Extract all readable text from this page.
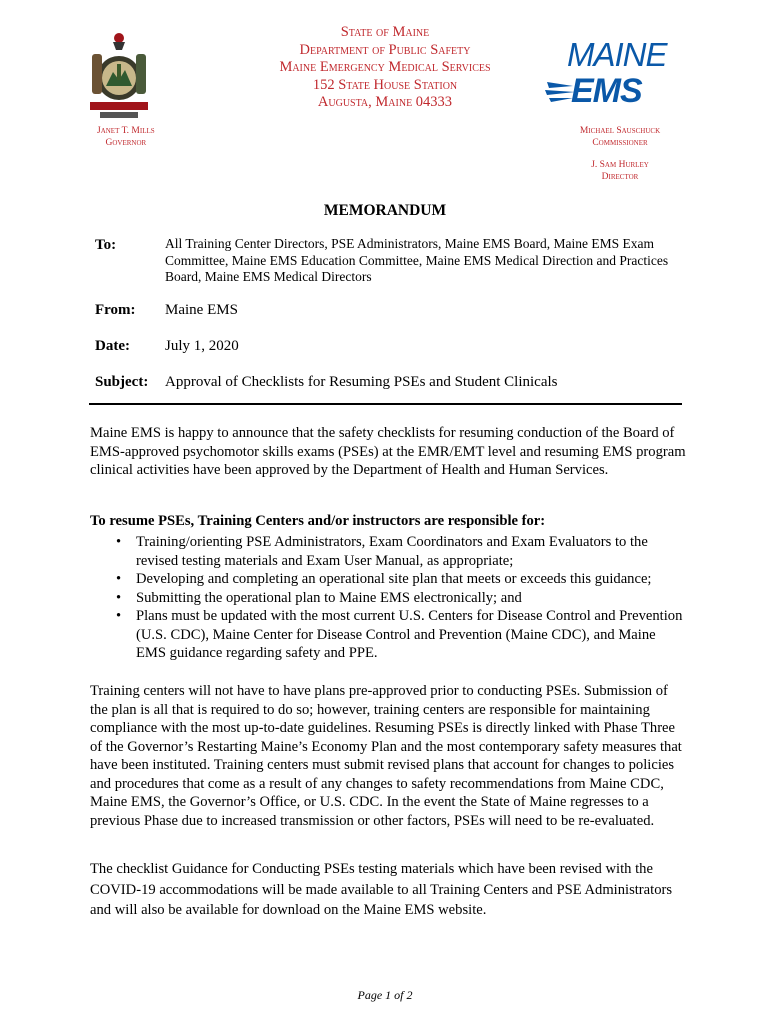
State of Maine
Department of Public Safety
Maine Emergency Medical Services
152 State House Station
Augusta, Maine 04333
MAINE
EMS
Janet T. Mills
Governor
Michael Sauschuck
Commissioner
J. Sam Hurley
Director
MEMORANDUM
To:	All Training Center Directors, PSE Administrators, Maine EMS Board, Maine EMS Exam Committee, Maine EMS Education Committee, Maine EMS Medical Direction and Practices Board, Maine EMS Medical Directors
From: Maine EMS
Date: July 1, 2020
Subject: Approval of Checklists for Resuming PSEs and Student Clinicals
Maine EMS is happy to announce that the safety checklists for resuming conduction of the Board of EMS-approved psychomotor skills exams (PSEs) at the EMR/EMT level and resuming EMS program clinical activities have been approved by the Department of Health and Human Services.
To resume PSEs, Training Centers and/or instructors are responsible for:
• Training/orienting PSE Administrators, Exam Coordinators and Exam Evaluators to the revised testing materials and Exam User Manual, as appropriate;
• Developing and completing an operational site plan that meets or exceeds this guidance;
• Submitting the operational plan to Maine EMS electronically; and
• Plans must be updated with the most current U.S. Centers for Disease Control and Prevention (U.S. CDC), Maine Center for Disease Control and Prevention (Maine CDC), and Maine EMS guidance regarding safety and PPE.
Training centers will not have to have plans pre-approved prior to conducting PSEs. Submission of the plan is all that is required to do so; however, training centers are responsible for maintaining compliance with the most up-to-date guidelines. Resuming PSEs is directly linked with Phase Three of the Governor’s Restarting Maine’s Economy Plan and the most contemporary safety measures that have been instituted. Training centers must submit revised plans that account for changes to policies and procedures that come as a result of any changes to safety recommendations from Maine CDC, Maine EMS, the Governor’s Office, or U.S. CDC. In the event the State of Maine regresses to a previous Phase due to increased transmission or other factors, PSEs will need to be re-evaluated.
The checklist Guidance for Conducting PSEs testing materials which have been revised with the COVID-19 accommodations will be made available to all Training Centers and PSE Administrators and will also be available for download on the Maine EMS website.
Page 1 of 2
